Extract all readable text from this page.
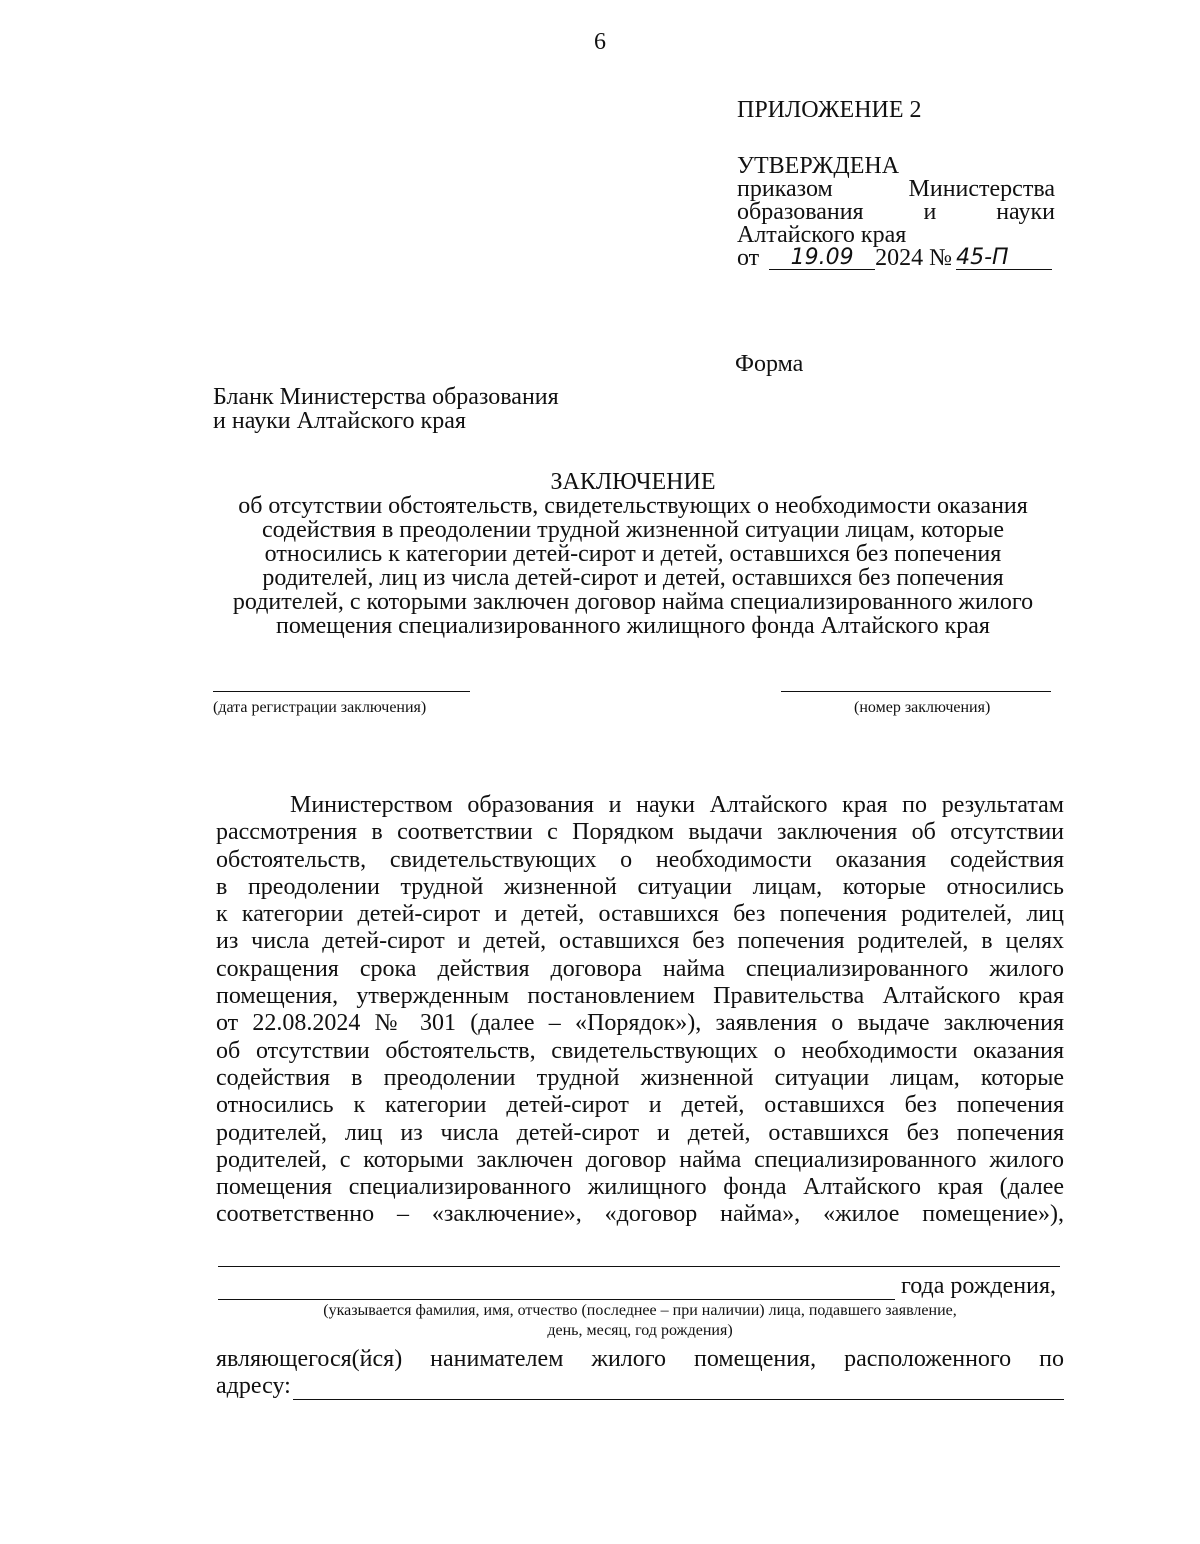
6
ПРИЛОЖЕНИЕ 2
УТВЕРЖДЕНА
приказом	Министерства
образования и науки
Алтайского края
от	19.09 2024 № 45-П
Форма
Бланк Министерства образования
и науки Алтайского края
ЗАКЛЮЧЕНИЕ
об отсутствии обстоятельств, свидетельствующих о необходимости оказания
содействия в преодолении трудной жизненной ситуации лицам, которые
относились к категории детей-сирот и детей, оставшихся без попечения
родителей, лиц из числа детей-сирот и детей, оставшихся без попечения
родителей, с которыми заключен договор найма специализированного жилого
помещения специализированного жилищного фонда Алтайского края
(дата регистрации заключения)	(номер заключения)
Министерством образования и науки Алтайского края по результатам
рассмотрения в соответствии с Порядком выдачи заключения об отсутствии
обстоятельств, свидетельствующих о необходимости оказания содействия
в преодолении трудной жизненной ситуации лицам, которые относились
к категории детей-сирот и детей, оставшихся без попечения родителей, лиц
из числа детей-сирот и детей, оставшихся без попечения родителей, в целях
сокращения срока действия договора найма специализированного жилого
помещения, утвержденным постановлением Правительства Алтайского края
от 22.08.2024 № 301 (далее – «Порядок»), заявления о выдаче заключения
об отсутствии обстоятельств, свидетельствующих о необходимости оказания
содействия в преодолении трудной жизненной ситуации лицам, которые
относились к категории детей-сирот и детей, оставшихся без попечения
родителей, лиц из числа детей-сирот и детей, оставшихся без попечения
родителей, с которыми заключен договор найма специализированного жилого
помещения специализированного жилищного фонда Алтайского края (далее
соответственно – «заключение», «договор найма», «жилое помещение»),
года рождения,
(указывается фамилия, имя, отчество (последнее – при наличии) лица, подавшего заявление,
день, месяц, год рождения)
являющегося(йся) нанимателем жилого помещения, расположенного по
адресу:
